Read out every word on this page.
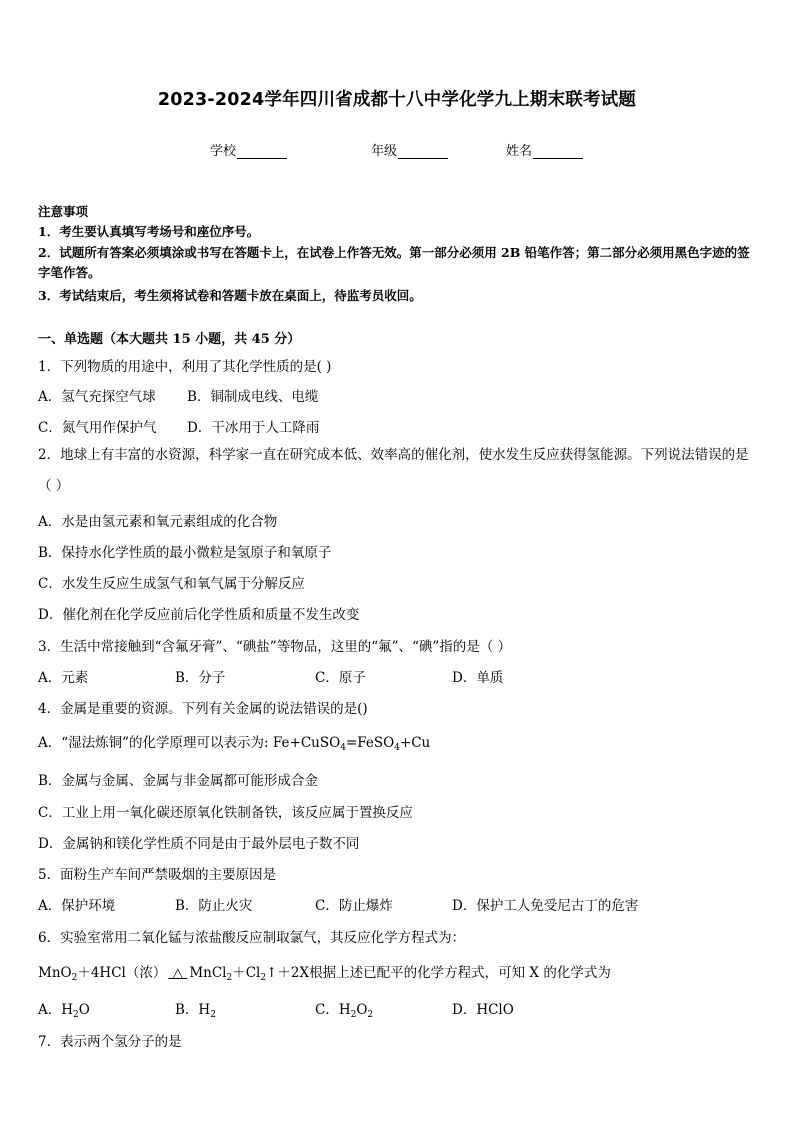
2023-2024学年四川省成都十八中学化学九上期末联考试题
学校	年级	姓名
注意事项
1．考生要认真填写考场号和座位序号。
2．试题所有答案必须填涂或书写在答题卡上，在试卷上作答无效。第一部分必须用 2B 铅笔作答；第二部分必须用黑色字迹的签字笔作答。
3．考试结束后，考生须将试卷和答题卡放在桌面上，待监考员收回。
一、单选题（本大题共 15 小题，共 45 分）
1．下列物质的用途中，利用了其化学性质的是( )
A．氢气充探空气球 B．铜制成电线、电缆
C．氮气用作保护气 D．干冰用于人工降雨
2．地球上有丰富的水资源，科学家一直在研究成本低、效率高的催化剂，使水发生反应获得氢能源。下列说法错误的是（ ）
A．水是由氢元素和氧元素组成的化合物
B．保持水化学性质的最小微粒是氢原子和氧原子
C．水发生反应生成氢气和氧气属于分解反应
D．催化剂在化学反应前后化学性质和质量不发生改变
3．生活中常接触到“含氟牙膏”、“碘盐”等物品，这里的“氟”、“碘”指的是（ ）
A．元素	B．分子	C．原子	D．单质
4．金属是重要的资源。下列有关金属的说法错误的是()
A．“湿法炼铜”的化学原理可以表示为: Fe+CuSO$_4$=FeSO$_4$+Cu
B．金属与金属、金属与非金属都可能形成合金
C．工业上用一氧化碳还原氧化铁制备铁，该反应属于置换反应
D．金属钠和镁化学性质不同是由于最外层电子数不同
5．面粉生产车间严禁吸烟的主要原因是
A．保护环境	B．防止火灾	C．防止爆炸	D．保护工人免受尼古丁的危害
6．实验室常用二氧化锰与浓盐酸反应制取氯气，其反应化学方程式为：
MnO$_2$＋4HCl（浓） △ $MnCl_2+Cl_2↑+2X$根据上述已配平的化学方程式，可知 X 的化学式为
A．$H_2O$	B．$H_2$	C．$H_2O_2$	D．HClO
7．表示两个氢分子的是
